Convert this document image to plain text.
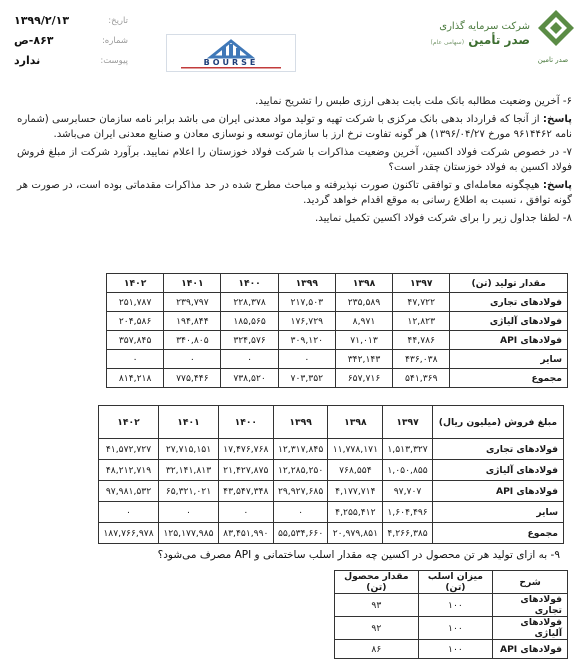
صدر تامین
شرکت سرمایه گذاری
صدر تأمین (سهامی عام)
BOURSE
تاریخ:
۱۳۹۹/۲/۱۳
شماره:
۸۶۳-ص
پیوست:
ندارد

۶- آخرین وضعیت مطالبه بانک ملت بابت بدهی ارزی طبس را تشریح نمایید.

پاسخ: از آنجا که قرارداد بدهی بانک مرکزی با شرکت تهیه و تولید مواد معدنی ایران می باشد برابر نامه سازمان حسابرسی (شماره نامه ۹۶۱۴۴۶۲ مورخ ۱۳۹۶/۰۴/۲۷) هر گونه تفاوت نرخ ارز با سازمان توسعه و نوسازی معادن و صنایع معدنی ایران می‌باشد.

۷- در خصوص شرکت فولاد اکسین، آخرین وضعیت مذاکرات با شرکت فولاد خوزستان را اعلام نمایید. برآورد شرکت از مبلغ فروش فولاد اکسین به فولاد خوزستان چقدر است؟

پاسخ: هیچگونه معامله‌ای و توافقی تاکنون صورت نپذیرفته و مباحث مطرح شده در حد مذاکرات مقدماتی بوده است، در صورت هر گونه توافق ، نسبت به اطلاع رسانی به موقع اقدام خواهد گردید.

۸- لطفا جداول زیر را برای شرکت فولاد اکسین تکمیل نمایید.

مقدار تولید (تن)	۱۳۹۷	۱۳۹۸	۱۳۹۹	۱۴۰۰	۱۴۰۱	۱۴۰۲
فولادهای تجاری	۴۷,۷۲۲	۲۳۵,۵۸۹	۲۱۷,۵۰۳	۲۲۸,۳۷۸	۲۳۹,۷۹۷	۲۵۱,۷۸۷
فولادهای آلیاژی	۱۲,۸۲۳	۸,۹۷۱	۱۷۶,۷۲۹	۱۸۵,۵۶۵	۱۹۴,۸۴۴	۲۰۴,۵۸۶
فولادهای API	۴۴,۷۸۶	۷۱,۰۱۳	۳۰۹,۱۲۰	۳۲۴,۵۷۶	۳۴۰,۸۰۵	۳۵۷,۸۴۵
سایر	۴۳۶,۰۳۸	۳۴۲,۱۴۳	۰	۰	۰	۰
مجموع	۵۴۱,۳۶۹	۶۵۷,۷۱۶	۷۰۳,۳۵۲	۷۳۸,۵۲۰	۷۷۵,۴۴۶	۸۱۴,۲۱۸
مبلغ فروش (میلیون ریال)	۱۳۹۷	۱۳۹۸	۱۳۹۹	۱۴۰۰	۱۴۰۱	۱۴۰۲
فولادهای تجاری	۱,۵۱۳,۳۲۷	۱۱,۷۷۸,۱۷۱	۱۲,۳۱۷,۸۴۵	۱۷,۴۷۶,۷۶۸	۲۷,۷۱۵,۱۵۱	۴۱,۵۷۲,۷۲۷
فولادهای آلیاژی	۱,۰۵۰,۸۵۵	۷۶۸,۵۵۴	۱۲,۲۸۵,۲۵۰	۲۱,۴۲۷,۸۷۵	۳۲,۱۴۱,۸۱۳	۴۸,۲۱۲,۷۱۹
فولادهای API	۹۷,۷۰۷	۴,۱۷۷,۷۱۴	۲۹,۹۲۷,۶۸۵	۴۳,۵۴۷,۳۴۸	۶۵,۳۲۱,۰۲۱	۹۷,۹۸۱,۵۳۲
سایر	۱,۶۰۴,۴۹۶	۴,۲۵۵,۴۱۲	۰	۰	۰	۰
مجموع	۴,۲۶۶,۳۸۵	۲۰,۹۷۹,۸۵۱	۵۵,۵۳۴,۶۶۰	۸۳,۴۵۱,۹۹۰	۱۲۵,۱۷۷,۹۸۵	۱۸۷,۷۶۶,۹۷۸
۹- به ازای تولید هر تن محصول در اکسین چه مقدار اسلب ساختمانی و API مصرف می‌شود؟
شرح	میزان اسلب (تن)	مقدار محصول (تن)
فولادهای تجاری	۱۰۰	۹۳
فولادهای آلیاژی	۱۰۰	۹۲
فولادهای API	۱۰۰	۸۶
